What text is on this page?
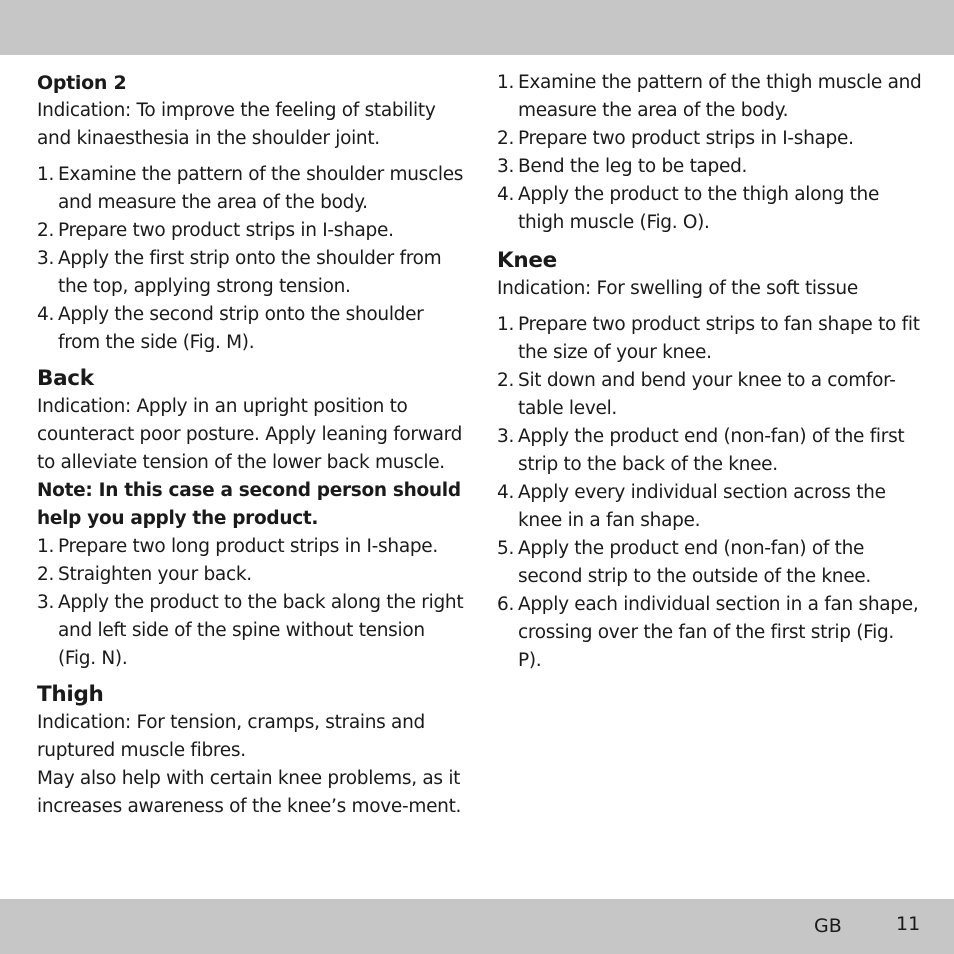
Option 2

Indication: To improve the feeling of stability and kinaesthesia in the shoulder joint.

1. Examine the pattern of the shoulder muscles and measure the area of the body.
2. Prepare two product strips in I-shape.
3. Apply the first strip onto the shoulder from the top, applying strong tension.
4. Apply the second strip onto the shoulder from the side (Fig. M).
Back

Indication: Apply in an upright position to counteract poor posture. Apply leaning forward to alleviate tension of the lower back muscle.

Note: In this case a second person should help you apply the product.

1. Prepare two long product strips in I-shape.
2. Straighten your back.
3. Apply the product to the back along the right and left side of the spine without tension (Fig. N).
Thigh

Indication: For tension, cramps, strains and ruptured muscle fibres.

May also help with certain knee problems, as it increases awareness of the knee’s move-ment.

1. Examine the pattern of the thigh muscle and measure the area of the body.
2. Prepare two product strips in I-shape.
3. Bend the leg to be taped.
4. Apply the product to the thigh along the thigh muscle (Fig. O).
Knee

Indication: For swelling of the soft tissue

1. Prepare two product strips to fan shape to fit the size of your knee.
2. Sit down and bend your knee to a comfor-table level.
3. Apply the product end (non-fan) of the first strip to the back of the knee.
4. Apply every individual section across the knee in a fan shape.
5. Apply the product end (non-fan) of the second strip to the outside of the knee.
6. Apply each individual section in a fan shape, crossing over the fan of the first strip (Fig. P).
GB	11
